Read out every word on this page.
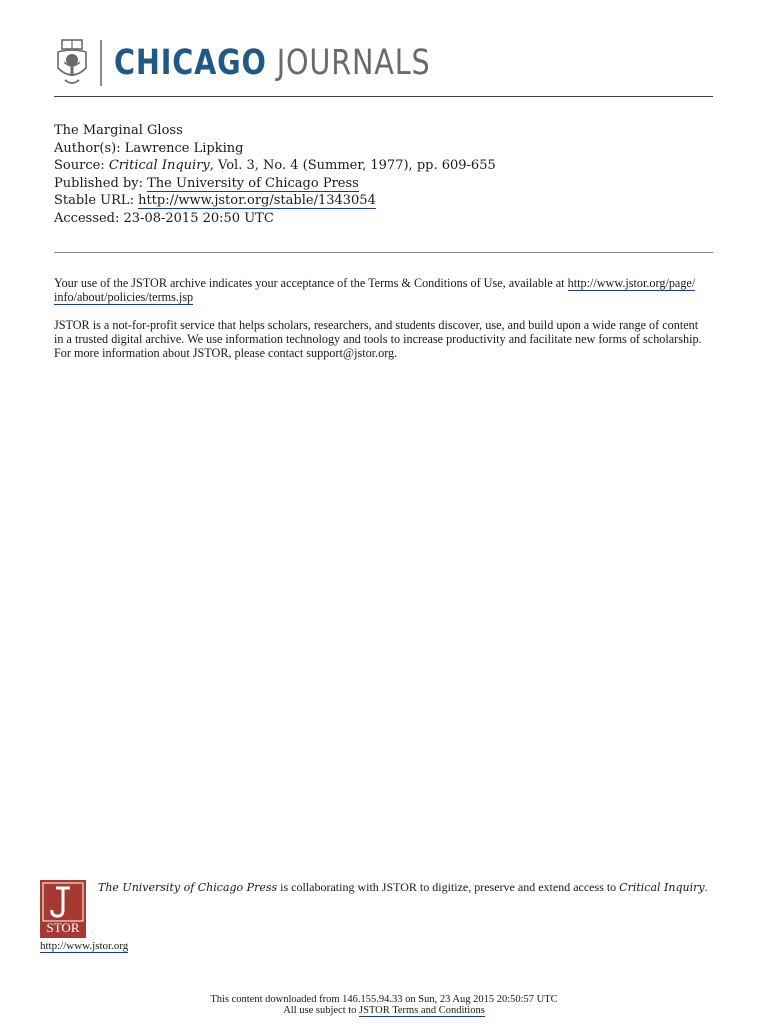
CHICAGO JOURNALS
The Marginal Gloss
Author(s): Lawrence Lipking
Source: Critical Inquiry, Vol. 3, No. 4 (Summer, 1977), pp. 609-655
Published by: The University of Chicago Press
Stable URL: http://www.jstor.org/stable/1343054
Accessed: 23-08-2015 20:50 UTC

Your use of the JSTOR archive indicates your acceptance of the Terms & Conditions of Use, available at http://www.jstor.org/page/
info/about/policies/terms.jsp

JSTOR is a not-for-profit service that helps scholars, researchers, and students discover, use, and build upon a wide range of content
in a trusted digital archive. We use information technology and tools to increase productivity and facilitate new forms of scholarship.
For more information about JSTOR, please contact support@jstor.org.

STOR
The University of Chicago Press is collaborating with JSTOR to digitize, preserve and extend access to Critical Inquiry.
http://www.jstor.org
This content downloaded from 146.155.94.33 on Sun, 23 Aug 2015 20:50:57 UTC
All use subject to JSTOR Terms and Conditions
